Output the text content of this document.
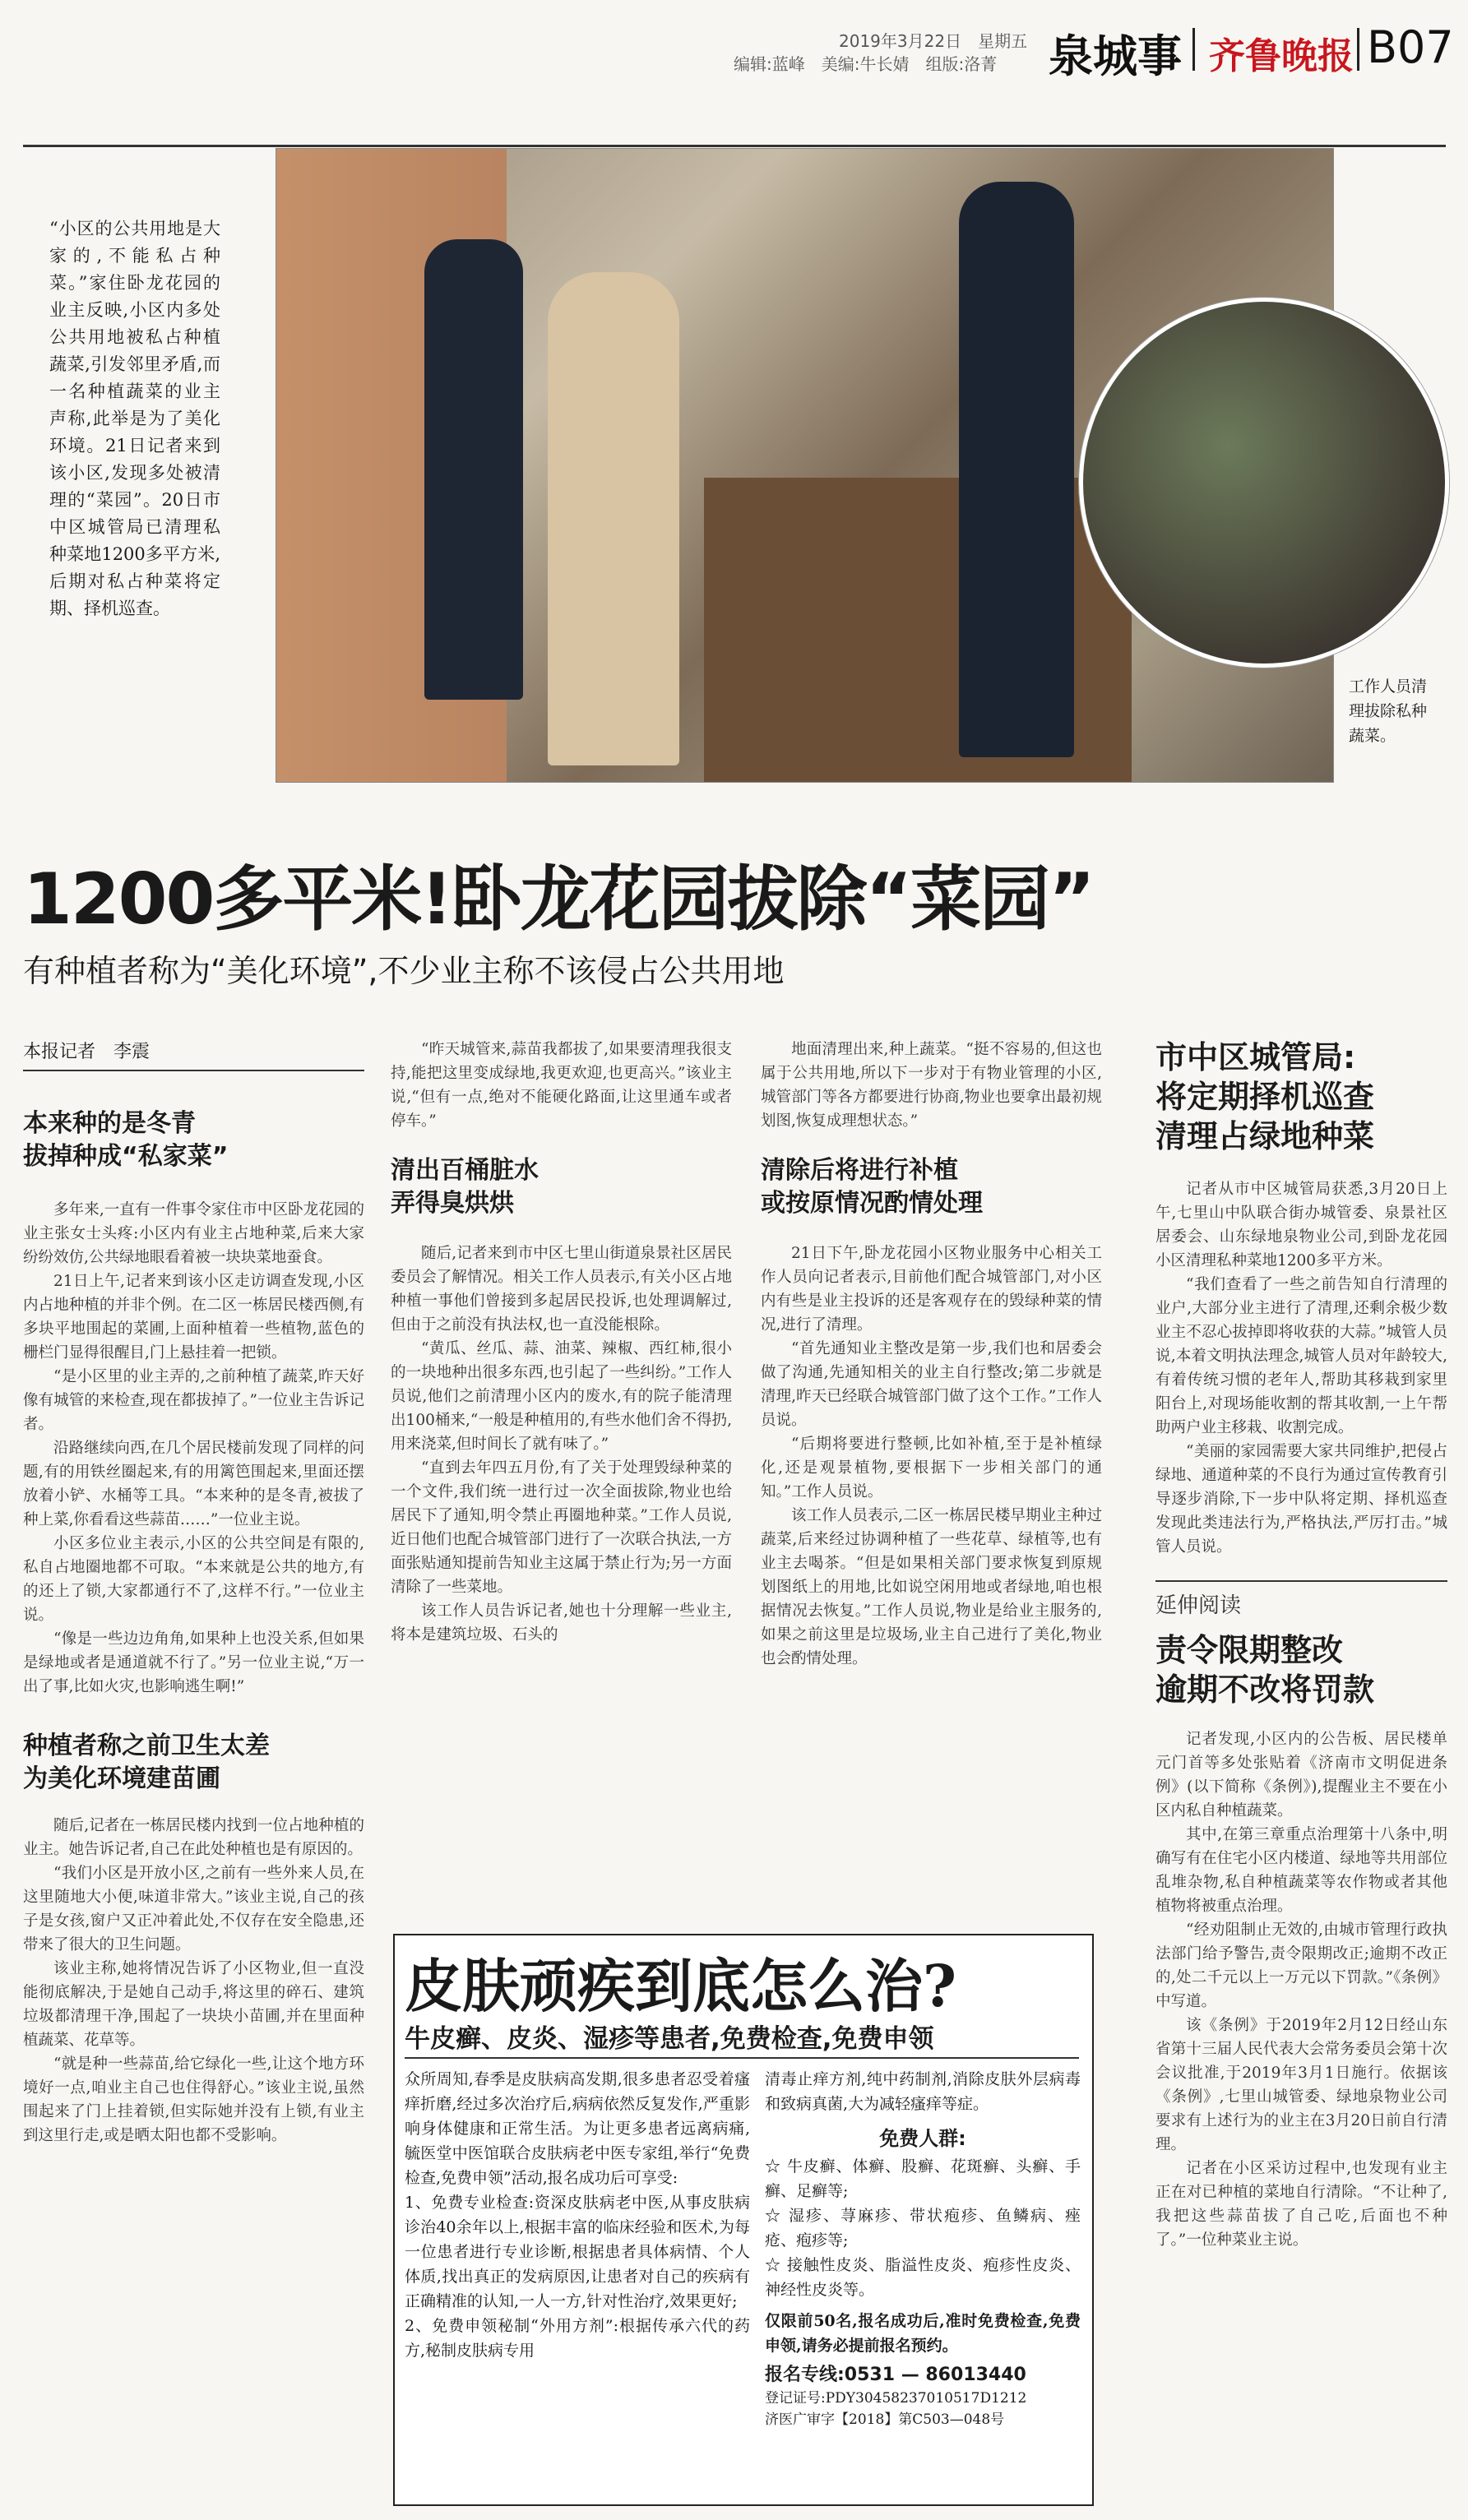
2019年3月22日　星期五
编辑:蓝峰　美编:牛长婧　组版:洛菁 泉城事 齐鲁晚报 B07
工作人员清理拔除私种蔬菜。
“小区的公共用地是大家的,不能私占种菜。”家住卧龙花园的业主反映,小区内多处公共用地被私占种植蔬菜,引发邻里矛盾,而一名种植蔬菜的业主声称,此举是为了美化环境。21日记者来到该小区,发现多处被清理的“菜园”。20日市中区城管局已清理私种菜地1200多平方米,后期对私占种菜将定期、择机巡查。
1200多平米!卧龙花园拔除“菜园”
有种植者称为“美化环境”,不少业主称不该侵占公共用地
本报记者　李震
本来种的是冬青
拔掉种成“私家菜”

多年来,一直有一件事令家住市中区卧龙花园的业主张女士头疼:小区内有业主占地种菜,后来大家纷纷效仿,公共绿地眼看着被一块块菜地蚕食。

21日上午,记者来到该小区走访调查发现,小区内占地种植的并非个例。在二区一栋居民楼西侧,有多块平地围起的菜圃,上面种植着一些植物,蓝色的栅栏门显得很醒目,门上悬挂着一把锁。

“是小区里的业主弄的,之前种植了蔬菜,昨天好像有城管的来检查,现在都拔掉了。”一位业主告诉记者。

沿路继续向西,在几个居民楼前发现了同样的问题,有的用铁丝圈起来,有的用篱笆围起来,里面还摆放着小铲、水桶等工具。“本来种的是冬青,被拔了种上菜,你看看这些蒜苗……”一位业主说。

小区多位业主表示,小区的公共空间是有限的,私自占地圈地都不可取。“本来就是公共的地方,有的还上了锁,大家都通行不了,这样不行。”一位业主说。

“像是一些边边角角,如果种上也没关系,但如果是绿地或者是通道就不行了。”另一位业主说,“万一出了事,比如火灾,也影响逃生啊!”

种植者称之前卫生太差
为美化环境建苗圃

随后,记者在一栋居民楼内找到一位占地种植的业主。她告诉记者,自己在此处种植也是有原因的。

“我们小区是开放小区,之前有一些外来人员,在这里随地大小便,味道非常大。”该业主说,自己的孩子是女孩,窗户又正冲着此处,不仅存在安全隐患,还带来了很大的卫生问题。

该业主称,她将情况告诉了小区物业,但一直没能彻底解决,于是她自己动手,将这里的碎石、建筑垃圾都清理干净,围起了一块块小苗圃,并在里面种植蔬菜、花草等。

“就是种一些蒜苗,给它绿化一些,让这个地方环境好一点,咱业主自己也住得舒心。”该业主说,虽然围起来了门上挂着锁,但实际她并没有上锁,有业主到这里行走,或是晒太阳也都不受影响。

“昨天城管来,蒜苗我都拔了,如果要清理我很支持,能把这里变成绿地,我更欢迎,也更高兴。”该业主说,“但有一点,绝对不能硬化路面,让这里通车或者停车。”

清出百桶脏水
弄得臭烘烘

随后,记者来到市中区七里山街道泉景社区居民委员会了解情况。相关工作人员表示,有关小区占地种植一事他们曾接到多起居民投诉,也处理调解过,但由于之前没有执法权,也一直没能根除。

“黄瓜、丝瓜、蒜、油菜、辣椒、西红柿,很小的一块地种出很多东西,也引起了一些纠纷。”工作人员说,他们之前清理小区内的废水,有的院子能清理出100桶来,“一般是种植用的,有些水他们舍不得扔,用来浇菜,但时间长了就有味了。”

“直到去年四五月份,有了关于处理毁绿种菜的一个文件,我们统一进行过一次全面拔除,物业也给居民下了通知,明令禁止再圈地种菜。”工作人员说,近日他们也配合城管部门进行了一次联合执法,一方面张贴通知提前告知业主这属于禁止行为;另一方面清除了一些菜地。

该工作人员告诉记者,她也十分理解一些业主,将本是建筑垃圾、石头的

地面清理出来,种上蔬菜。“挺不容易的,但这也属于公共用地,所以下一步对于有物业管理的小区,城管部门等各方都要进行协商,物业也要拿出最初规划图,恢复成理想状态。”

清除后将进行补植
或按原情况酌情处理

21日下午,卧龙花园小区物业服务中心相关工作人员向记者表示,目前他们配合城管部门,对小区内有些是业主投诉的还是客观存在的毁绿种菜的情况,进行了清理。

“首先通知业主整改是第一步,我们也和居委会做了沟通,先通知相关的业主自行整改;第二步就是清理,昨天已经联合城管部门做了这个工作。”工作人员说。

“后期将要进行整顿,比如补植,至于是补植绿化,还是观景植物,要根据下一步相关部门的通知。”工作人员说。

该工作人员表示,二区一栋居民楼早期业主种过蔬菜,后来经过协调种植了一些花草、绿植等,也有业主去喝茶。“但是如果相关部门要求恢复到原规划图纸上的用地,比如说空闲用地或者绿地,咱也根据情况去恢复。”工作人员说,物业是给业主服务的,如果之前这里是垃圾场,业主自己进行了美化,物业也会酌情处理。

市中区城管局:
将定期择机巡查
清理占绿地种菜

记者从市中区城管局获悉,3月20日上午,七里山中队联合街办城管委、泉景社区居委会、山东绿地泉物业公司,到卧龙花园小区清理私种菜地1200多平方米。

“我们查看了一些之前告知自行清理的业户,大部分业主进行了清理,还剩余极少数业主不忍心拔掉即将收获的大蒜。”城管人员说,本着文明执法理念,城管人员对年龄较大,有着传统习惯的老年人,帮助其移栽到家里阳台上,对现场能收割的帮其收割,一上午帮助两户业主移栽、收割完成。

“美丽的家园需要大家共同维护,把侵占绿地、通道种菜的不良行为通过宣传教育引导逐步消除,下一步中队将定期、择机巡查发现此类违法行为,严格执法,严厉打击。”城管人员说。

延伸阅读
责令限期整改
逾期不改将罚款

记者发现,小区内的公告板、居民楼单元门首等多处张贴着《济南市文明促进条例》(以下简称《条例》),提醒业主不要在小区内私自种植蔬菜。

其中,在第三章重点治理第十八条中,明确写有在住宅小区内楼道、绿地等共用部位乱堆杂物,私自种植蔬菜等农作物或者其他植物将被重点治理。

“经劝阻制止无效的,由城市管理行政执法部门给予警告,责令限期改正;逾期不改正的,处二千元以上一万元以下罚款。”《条例》中写道。

该《条例》于2019年2月12日经山东省第十三届人民代表大会常务委员会第十次会议批准,于2019年3月1日施行。依据该《条例》,七里山城管委、绿地泉物业公司要求有上述行为的业主在3月20日前自行清理。

记者在小区采访过程中,也发现有业主正在对已种植的菜地自行清除。“不让种了,我把这些蒜苗拔了自己吃,后面也不种了。”一位种菜业主说。

皮肤顽疾到底怎么治?
牛皮癣、皮炎、湿疹等患者,免费检查,免费申领

众所周知,春季是皮肤病高发期,很多患者忍受着瘙痒折磨,经过多次治疗后,病病依然反复发作,严重影响身体健康和正常生活。为让更多患者远离病痛,毓医堂中医馆联合皮肤病老中医专家组,举行“免费检查,免费申领”活动,报名成功后可享受:

1、免费专业检查:资深皮肤病老中医,从事皮肤病诊治40余年以上,根据丰富的临床经验和医术,为每一位患者进行专业诊断,根据患者具体病情、个人体质,找出真正的发病原因,让患者对自己的疾病有正确精准的认知,一人一方,针对性治疗,效果更好;

2、免费申领秘制“外用方剂”:根据传承六代的药方,秘制皮肤病专用

清毒止痒方剂,纯中药制剂,消除皮肤外层病毒和致病真菌,大为减轻瘙痒等症。

免费人群:

☆ 牛皮癣、体癣、股癣、花斑癣、头癣、手癣、足癣等;

☆ 湿疹、荨麻疹、带状疱疹、鱼鳞病、痤疮、疱疹等;

☆ 接触性皮炎、脂溢性皮炎、疱疹性皮炎、神经性皮炎等。

仅限前50名,报名成功后,准时免费检查,免费申领,请务必提前报名预约。

报名专线:0531 — 86013440

登记证号:PDY30458237010517D1212

济医广审字【2018】第C503—048号
